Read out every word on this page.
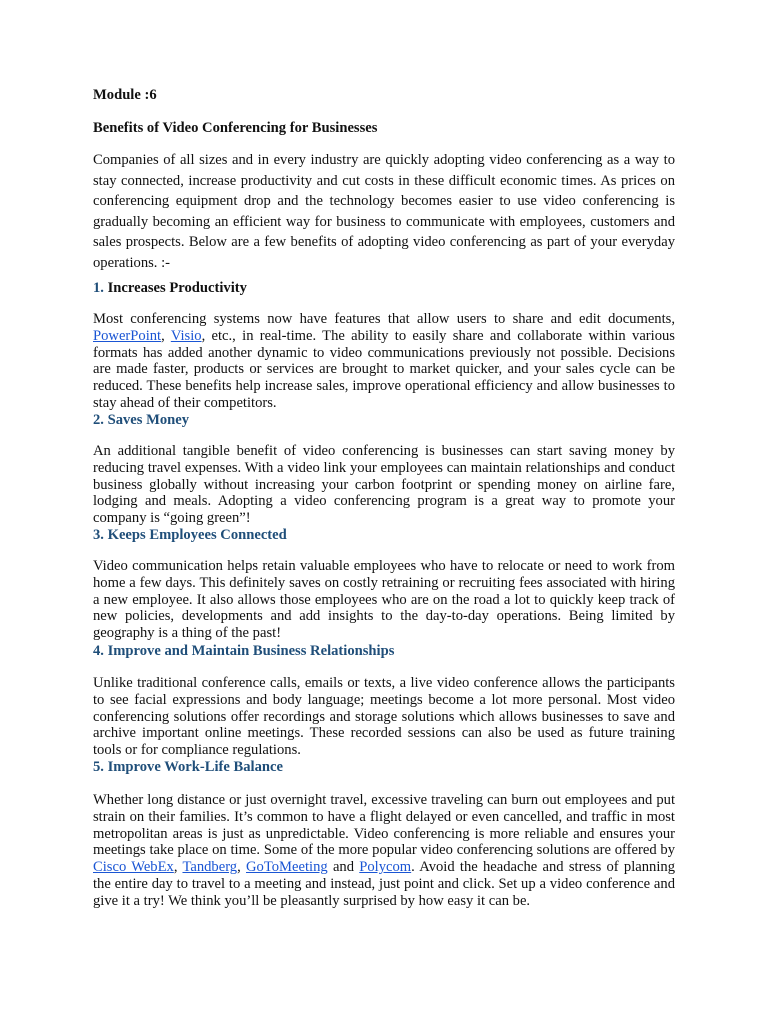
Module :6

Benefits of Video Conferencing for Businesses

Companies of all sizes and in every industry are quickly adopting video conferencing as a way to stay connected, increase productivity and cut costs in these difficult economic times. As prices on conferencing equipment drop and the technology becomes easier to use video conferencing is gradually becoming an efficient way for business to communicate with employees, customers and sales prospects. Below are a few benefits of adopting video conferencing as part of your everyday operations. :-

1. Increases Productivity

Most conferencing systems now have features that allow users to share and edit documents, PowerPoint, Visio, etc., in real-time. The ability to easily share and collaborate within various formats has added another dynamic to video communications previously not possible. Decisions are made faster, products or services are brought to market quicker, and your sales cycle can be reduced. These benefits help increase sales, improve operational efficiency and allow businesses to stay ahead of their competitors.

2. Saves Money

An additional tangible benefit of video conferencing is businesses can start saving money by reducing travel expenses. With a video link your employees can maintain relationships and conduct business globally without increasing your carbon footprint or spending money on airline fare, lodging and meals. Adopting a video conferencing program is a great way to promote your company is “going green”!

3. Keeps Employees Connected

Video communication helps retain valuable employees who have to relocate or need to work from home a few days. This definitely saves on costly retraining or recruiting fees associated with hiring a new employee. It also allows those employees who are on the road a lot to quickly keep track of new policies, developments and add insights to the day-to-day operations. Being limited by geography is a thing of the past!

4. Improve and Maintain Business Relationships

Unlike traditional conference calls, emails or texts, a live video conference allows the participants to see facial expressions and body language; meetings become a lot more personal. Most video conferencing solutions offer recordings and storage solutions which allows businesses to save and archive important online meetings. These recorded sessions can also be used as future training tools or for compliance regulations.

5. Improve Work-Life Balance

Whether long distance or just overnight travel, excessive traveling can burn out employees and put strain on their families. It’s common to have a flight delayed or even cancelled, and traffic in most metropolitan areas is just as unpredictable. Video conferencing is more reliable and ensures your meetings take place on time. Some of the more popular video conferencing solutions are offered by Cisco WebEx, Tandberg, GoToMeeting and Polycom. Avoid the headache and stress of planning the entire day to travel to a meeting and instead, just point and click. Set up a video conference and give it a try! We think you’ll be pleasantly surprised by how easy it can be.
